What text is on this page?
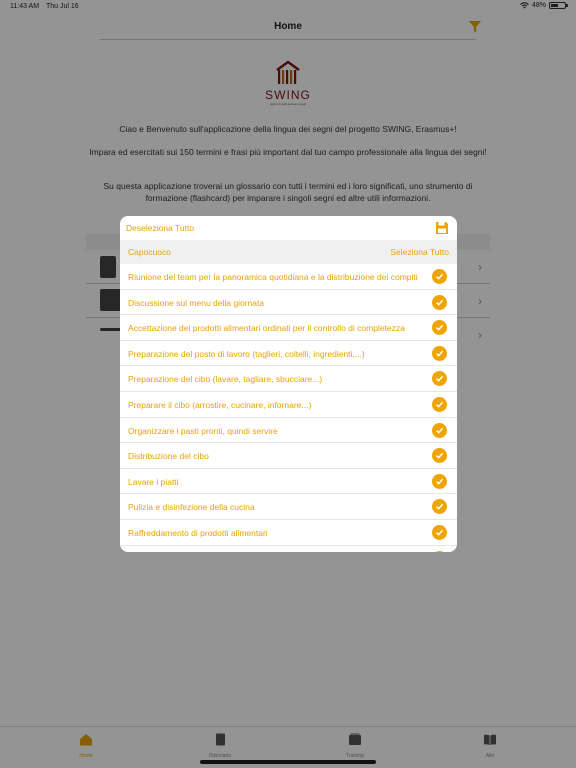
11:43 AM Thu Jul 16	48%
Home
SWING
sign for work inclusion goal
Ciao e Benvenuto sull'applicazione della lingua dei segni del progetto SWING, Erasmus+!
Impara ed esercitati sui 150 termini e frasi più important dal tuo campo professionale alla lingua dei segni!
Su questa applicazione troverai un glossario con tutti i termini ed i loro significati, uno strumento di formazione (flashcard) per imparare i singoli segni ed altre utili informazioni.
›
›
›
Home	Dizionario	Training	Altri
Deseleziona Tutto
Capocuoco	Seleziona Tutto
Riunione del team per la panoramica quotidiana e la distribuzione dei compiti
Discussione sul menu della giornata
Accettazione dei prodotti alimentari ordinati per il controllo di completezza
Preparazione del posto di lavoro (taglieri, coltelli, ingredienti,...)
Preparazione del cibo (lavare, tagliare, sbucciare...)
Preparare il cibo (arrostire, cucinare, infornare...)
Organizzare i pasti pronti, quindi servire
Distribuzione del cibo
Lavare i piatti
Pulizia e disinfezione della cucina
Raffreddamento di prodotti alimentari
